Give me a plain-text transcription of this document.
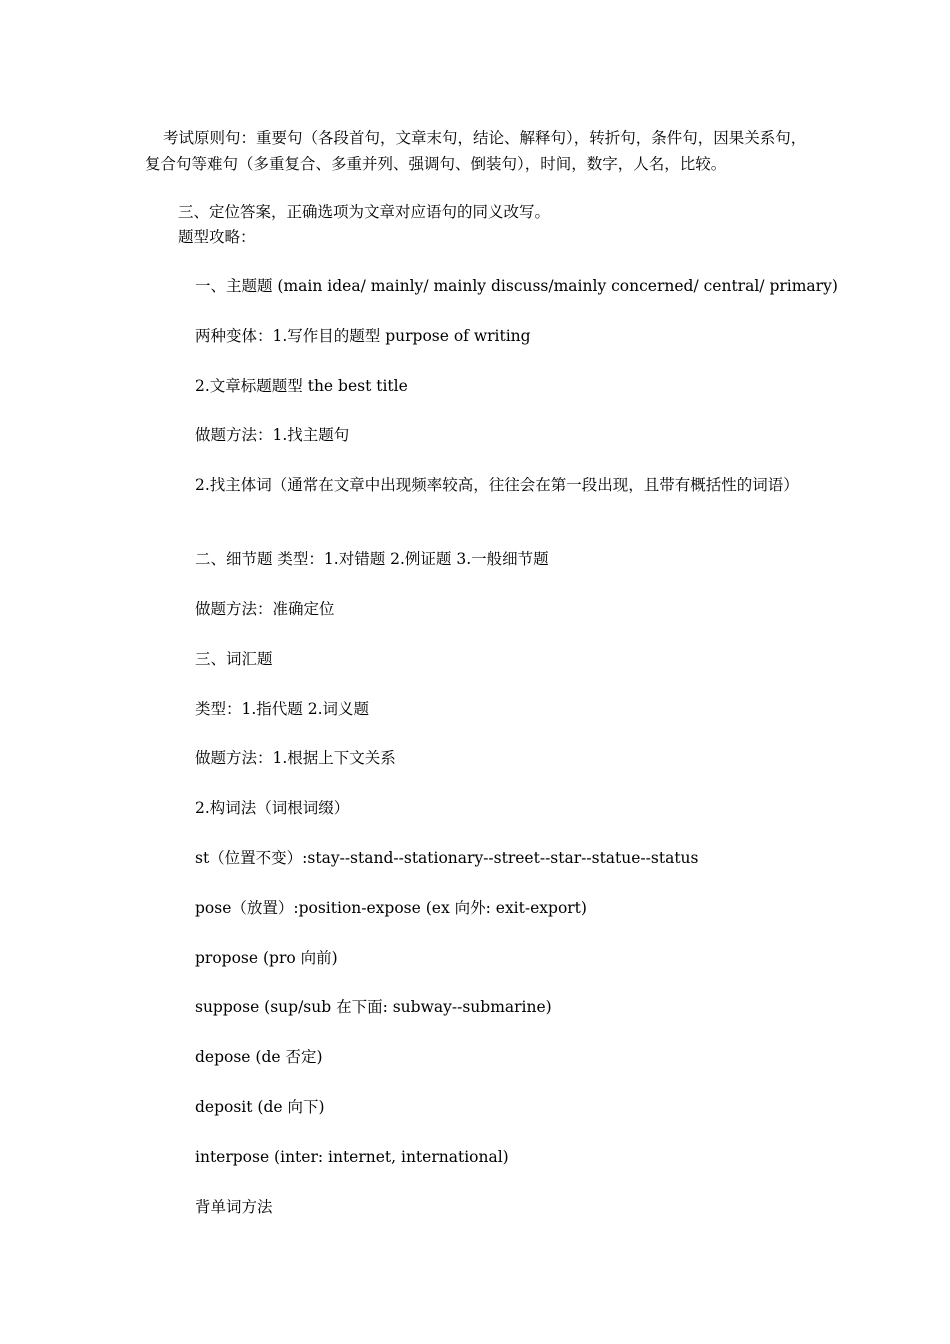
考试原则句：重要句（各段首句，文章末句，结论、解释句），转折句，条件句，因果关系句，复合句等难句（多重复合、多重并列、强调句、倒装句），时间，数字，人名，比较。
三、定位答案，正确选项为文章对应语句的同义改写。
题型攻略：
一、主题题 (main idea/ mainly/ mainly discuss/mainly concerned/ central/ primary)
两种变体：1.写作目的题型 purpose of writing
2.文章标题题型 the best title
做题方法：1.找主题句
2.找主体词（通常在文章中出现频率较高，往往会在第一段出现，且带有概括性的词语）
二、细节题 类型：1.对错题 2.例证题 3.一般细节题
做题方法：准确定位
三、词汇题
类型：1.指代题 2.词义题
做题方法：1.根据上下文关系
2.构词法（词根词缀）
st（位置不变）:stay--stand--stationary--street--star--statue--status
pose（放置）:position-expose (ex 向外: exit-export)
propose (pro 向前)
suppose (sup/sub 在下面: subway--submarine)
depose (de 否定)
deposit (de 向下)
interpose (inter: internet, international)
背单词方法
